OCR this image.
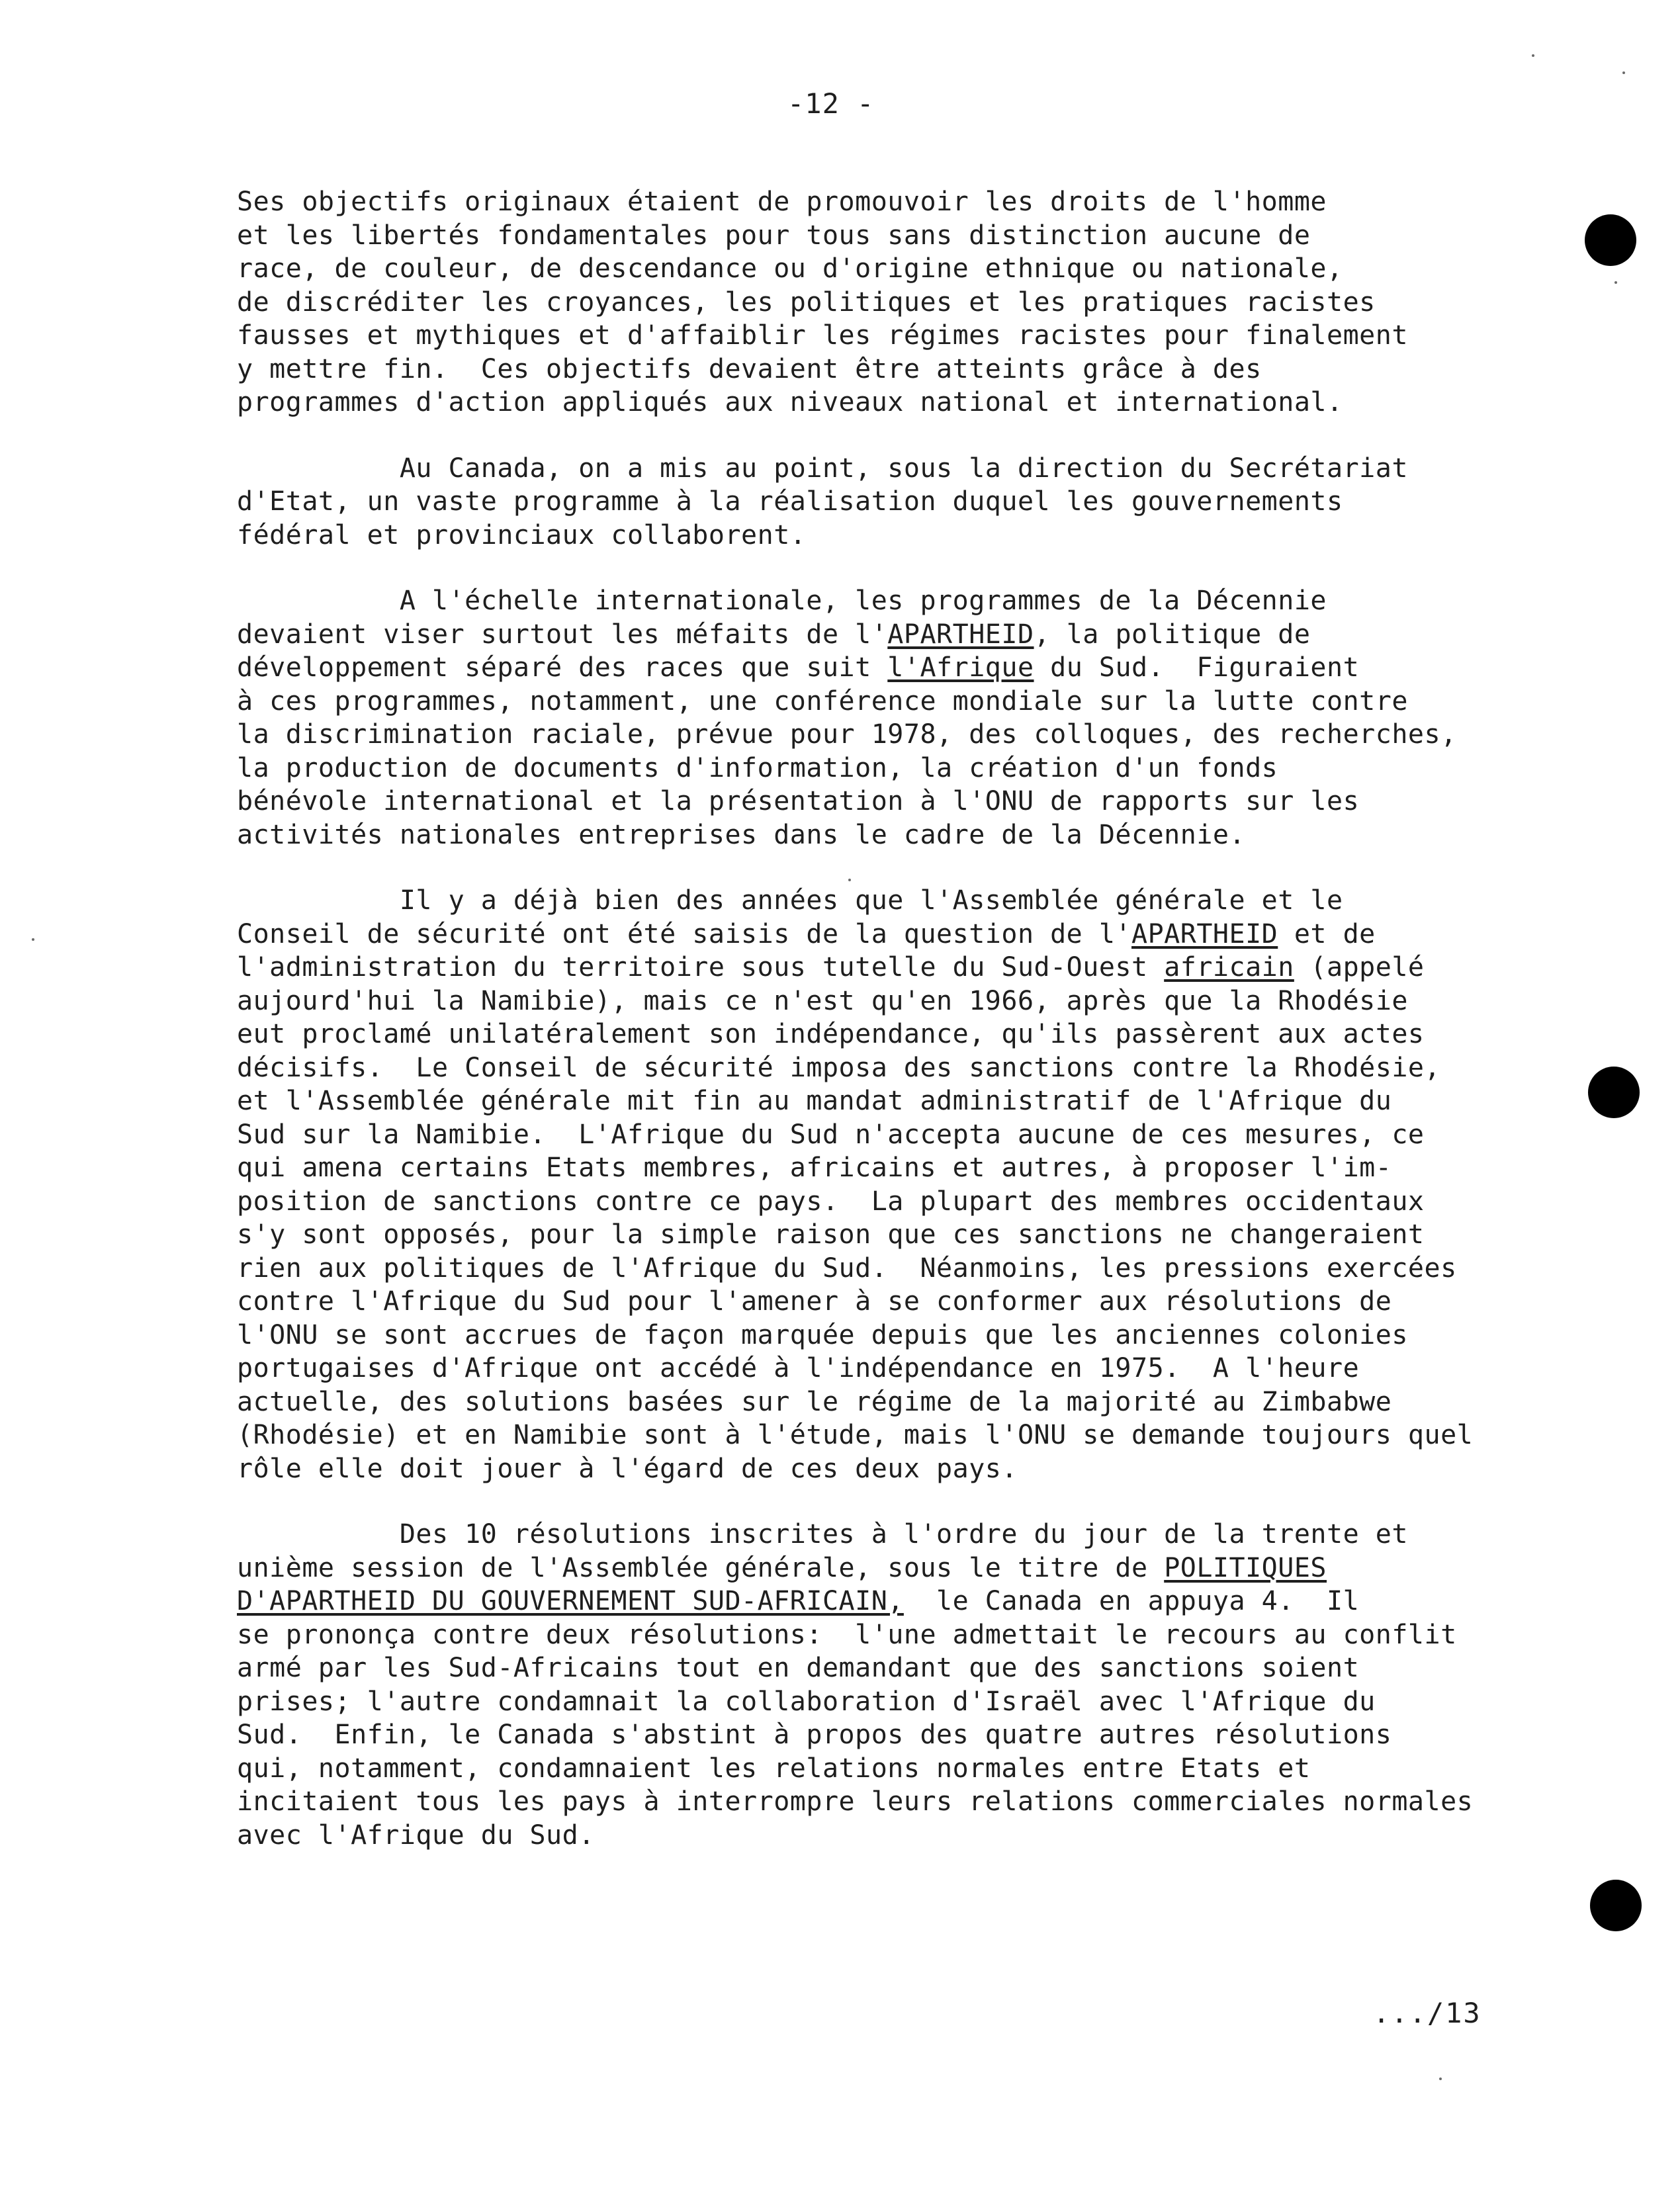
-12 -
Ses objectifs originaux étaient de promouvoir les droits de l'homme
et les libertés fondamentales pour tous sans distinction aucune de
race, de couleur, de descendance ou d'origine ethnique ou nationale,
de discréditer les croyances, les politiques et les pratiques racistes
fausses et mythiques et d'affaiblir les régimes racistes pour finalement
y mettre fin.  Ces objectifs devaient être atteints grâce à des
programmes d'action appliqués aux niveaux national et international.
Au Canada, on a mis au point, sous la direction du Secrétariat
d'Etat, un vaste programme à la réalisation duquel les gouvernements
fédéral et provinciaux collaborent.
A l'échelle internationale, les programmes de la Décennie
devaient viser surtout les méfaits de l'APARTHEID, la politique de
développement séparé des races que suit l'Afrique du Sud.  Figuraient
à ces programmes, notamment, une conférence mondiale sur la lutte contre
la discrimination raciale, prévue pour 1978, des colloques, des recherches,
la production de documents d'information, la création d'un fonds
bénévole international et la présentation à l'ONU de rapports sur les
activités nationales entreprises dans le cadre de la Décennie.
Il y a déjà bien des années que l'Assemblée générale et le
Conseil de sécurité ont été saisis de la question de l'APARTHEID et de
l'administration du territoire sous tutelle du Sud-Ouest africain (appelé
aujourd'hui la Namibie), mais ce n'est qu'en 1966, après que la Rhodésie
eut proclamé unilatéralement son indépendance, qu'ils passèrent aux actes
décisifs.  Le Conseil de sécurité imposa des sanctions contre la Rhodésie,
et l'Assemblée générale mit fin au mandat administratif de l'Afrique du
Sud sur la Namibie.  L'Afrique du Sud n'accepta aucune de ces mesures, ce
qui amena certains Etats membres, africains et autres, à proposer l'im-
position de sanctions contre ce pays.  La plupart des membres occidentaux
s'y sont opposés, pour la simple raison que ces sanctions ne changeraient
rien aux politiques de l'Afrique du Sud.  Néanmoins, les pressions exercées
contre l'Afrique du Sud pour l'amener à se conformer aux résolutions de
l'ONU se sont accrues de façon marquée depuis que les anciennes colonies
portugaises d'Afrique ont accédé à l'indépendance en 1975.  A l'heure
actuelle, des solutions basées sur le régime de la majorité au Zimbabwe
(Rhodésie) et en Namibie sont à l'étude, mais l'ONU se demande toujours quel
rôle elle doit jouer à l'égard de ces deux pays.
Des 10 résolutions inscrites à l'ordre du jour de la trente et
unième session de l'Assemblée générale, sous le titre de POLITIQUES
D'APARTHEID DU GOUVERNEMENT SUD-AFRICAIN,  le Canada en appuya 4.  Il
se prononça contre deux résolutions:  l'une admettait le recours au conflit
armé par les Sud-Africains tout en demandant que des sanctions soient
prises; l'autre condamnait la collaboration d'Israël avec l'Afrique du
Sud.  Enfin, le Canada s'abstint à propos des quatre autres résolutions
qui, notamment, condamnaient les relations normales entre Etats et
incitaient tous les pays à interrompre leurs relations commerciales normales
avec l'Afrique du Sud.
.../13
